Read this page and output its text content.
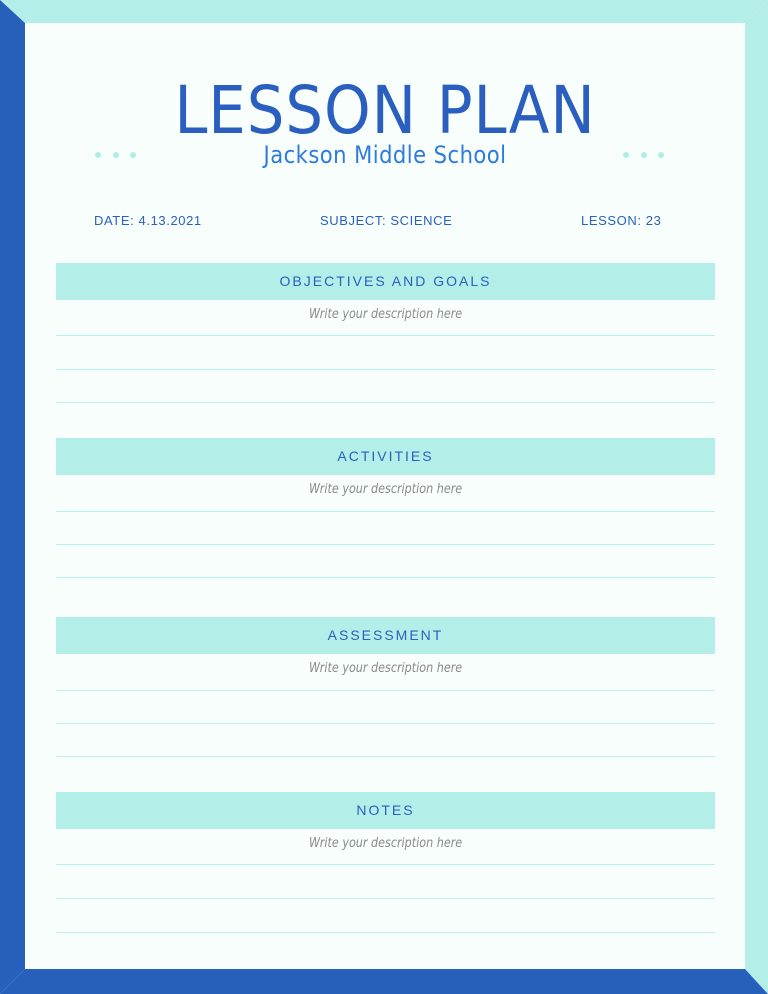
LESSON PLAN
Jackson Middle School
DATE: 4.13.2021	SUBJECT: SCIENCE	LESSON: 23
OBJECTIVES AND GOALS
Write your description here
ACTIVITIES
Write your description here
ASSESSMENT
Write your description here
NOTES
Write your description here
